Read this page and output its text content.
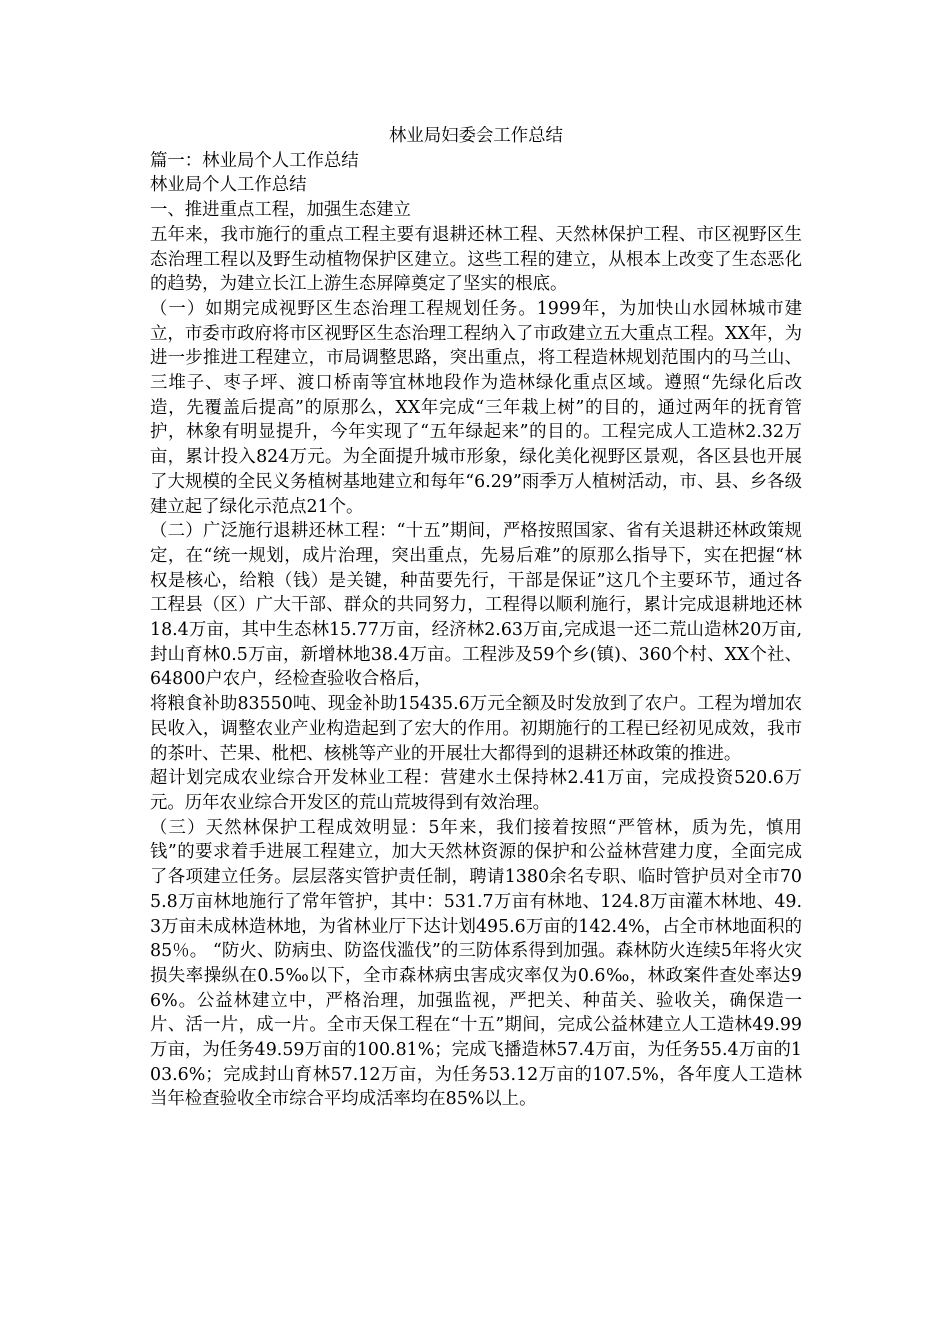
林业局妇委会工作总结

篇一：林业局个人工作总结

林业局个人工作总结

一、推进重点工程，加强生态建立

五年来，我市施行的重点工程主要有退耕还林工程、天然林保护工程、市区视野区生态治理工程以及野生动植物保护区建立。这些工程的建立，从根本上改变了生态恶化的趋势，为建立长江上游生态屏障奠定了坚实的根底。

（一）如期完成视野区生态治理工程规划任务。1999年，为加快山水园林城市建立，市委市政府将市区视野区生态治理工程纳入了市政建立五大重点工程。XX年，为进一步推进工程建立，市局调整思路，突出重点，将工程造林规划范围内的马兰山、三堆子、枣子坪、渡口桥南等宜林地段作为造林绿化重点区域。遵照“先绿化后改造，先覆盖后提高”的原那么，XX年完成“三年栽上树”的目的，通过两年的抚育管护，林象有明显提升，今年实现了“五年绿起来”的目的。工程完成人工造林2.32万亩，累计投入824万元。为全面提升城市形象，绿化美化视野区景观，各区县也开展了大规模的全民义务植树基地建立和每年“6.29”雨季万人植树活动，市、县、乡各级建立起了绿化示范点21个。

（二）广泛施行退耕还林工程：“十五”期间，严格按照国家、省有关退耕还林政策规定，在“统一规划，成片治理，突出重点，先易后难”的原那么指导下，实在把握“林权是核心，给粮（钱）是关键，种苗要先行，干部是保证”这几个主要环节，通过各工程县（区）广大干部、群众的共同努力，工程得以顺利施行，累计完成退耕地还林18.4万亩，其中生态林15.77万亩，经济林2.63万亩,完成退一还二荒山造林20万亩,封山育林0.5万亩，新增林地38.4万亩。工程涉及59个乡(镇)、360个村、XX个社、64800户农户，经检查验收合格后，

将粮食补助83550吨、现金补助15435.6万元全额及时发放到了农户。工程为增加农民收入，调整农业产业构造起到了宏大的作用。初期施行的工程已经初见成效，我市的茶叶、芒果、枇杷、核桃等产业的开展壮大都得到的退耕还林政策的推进。

超计划完成农业综合开发林业工程：营建水土保持林2.41万亩，完成投资520.6万元。历年农业综合开发区的荒山荒坡得到有效治理。

（三）天然林保护工程成效明显：5年来，我们接着按照“严管林，质为先，慎用钱”的要求着手进展工程建立，加大天然林资源的保护和公益林营建力度，全面完成了各项建立任务。层层落实管护责任制，聘请1380余名专职、临时管护员对全市705.8万亩林地施行了常年管护，其中：531.7万亩有林地、124.8万亩灌木林地、49.3万亩未成林造林地，为省林业厅下达计划495.6万亩的142.4%，占全市林地面积的85％。 “防火、防病虫、防盗伐滥伐”的三防体系得到加强。森林防火连续5年将火灾损失率操纵在0.5‰以下，全市森林病虫害成灾率仅为0.6‰，林政案件查处率达96%。公益林建立中，严格治理，加强监视，严把关、种苗关、验收关，确保造一片、活一片，成一片。全市天保工程在“十五”期间，完成公益林建立人工造林49.99万亩，为任务49.59万亩的100.81%；完成飞播造林57.4万亩，为任务55.4万亩的103.6%；完成封山育林57.12万亩，为任务53.12万亩的107.5%，各年度人工造林当年检查验收全市综合平均成活率均在85%以上。
